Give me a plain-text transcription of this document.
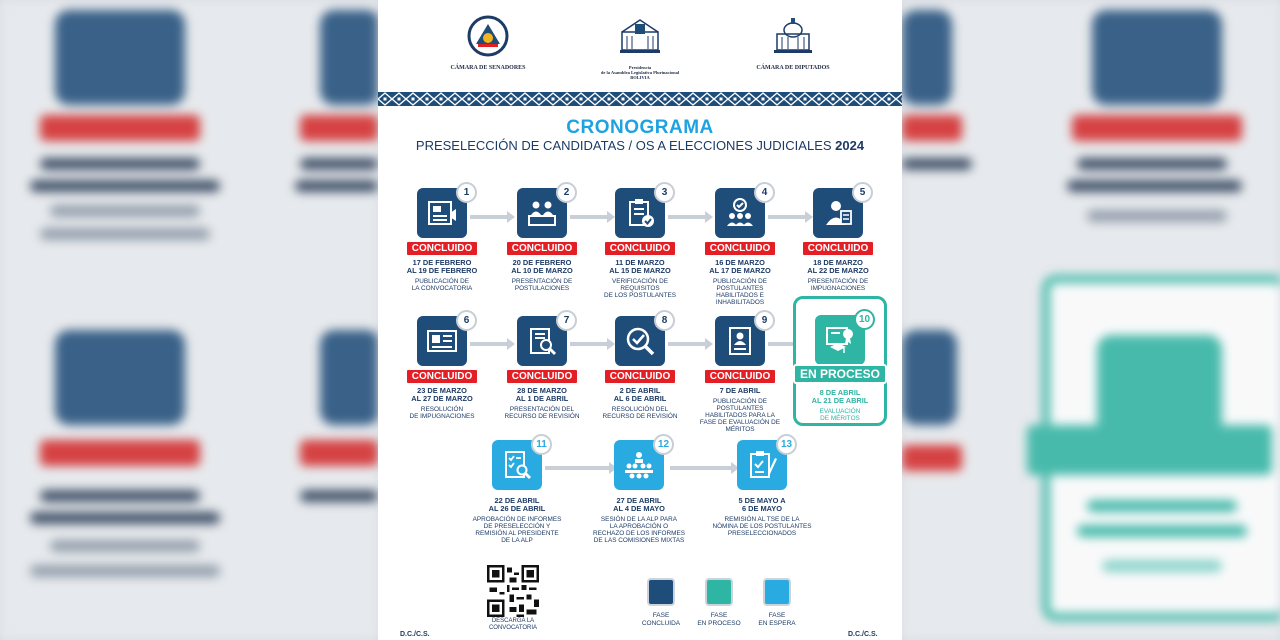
CÁMARA DE SENADORES	Presidencia
de la Asamblea Legislativa Plurinacional
BOLIVIA
CÁMARA DE DIPUTADOS
CRONOGRAMA
PRESELECCIÓN DE CANDIDATAS / OS A ELECCIONES JUDICIALES 2024
1
CONCLUIDO
17 DE FEBRERO
AL 19 DE FEBRERO
PUBLICACIÓN DE
LA CONVOCATORIA
2
CONCLUIDO
20 DE FEBRERO
AL 10 DE MARZO
PRESENTACIÓN DE
POSTULACIONES
3
CONCLUIDO
11 DE MARZO
AL 15 DE MARZO
VERIFICACIÓN DE
REQUISITOS
DE LOS POSTULANTES
4
CONCLUIDO
16 DE MARZO
AL 17 DE MARZO
PUBLICACIÓN DE
POSTULANTES
HABILITADOS E
INHABILITADOS
5
CONCLUIDO
18 DE MARZO
AL 22 DE MARZO
PRESENTACIÓN DE
IMPUGNACIONES
6
CONCLUIDO
23 DE MARZO
AL 27 DE MARZO
RESOLUCIÓN
DE IMPUGNACIONES
7
CONCLUIDO
28 DE MARZO
AL 1 DE ABRIL
PRESENTACIÓN DEL
RECURSO DE REVISIÓN
8
CONCLUIDO
2 DE ABRIL
AL 6 DE ABRIL
RESOLUCIÓN DEL
RECURSO DE REVISIÓN
9
CONCLUIDO
7 DE ABRIL
PUBLICACIÓN DE
POSTULANTES
HABILITADOS PARA LA
FASE DE EVALUACIÓN DE
MÉRITOS
10
EN PROCESO
8 DE ABRIL
AL 21 DE ABRIL
EVALUACIÓN
DE MÉRITOS
11
22 DE ABRIL
AL 26 DE ABRIL
APROBACIÓN DE INFORMES
DE PRESELECCIÓN Y
REMISIÓN AL PRESIDENTE
DE LA ALP
12
27 DE ABRIL
AL 4 DE MAYO
SESIÓN DE LA ALP PARA
LA APROBACIÓN O
RECHAZO DE LOS INFORMES
DE LAS COMISIONES MIXTAS
13
5 DE MAYO A
6 DE MAYO
REMISIÓN AL TSE DE LA
NÓMINA DE LOS POSTULANTES
PRESELECCIONADOS
DESCARGA LA
CONVOCATORIA
FASE
CONCLUIDA
FASE
EN PROCESO
FASE
EN ESPERA
D.C./C.S.	D.C./C.S.
